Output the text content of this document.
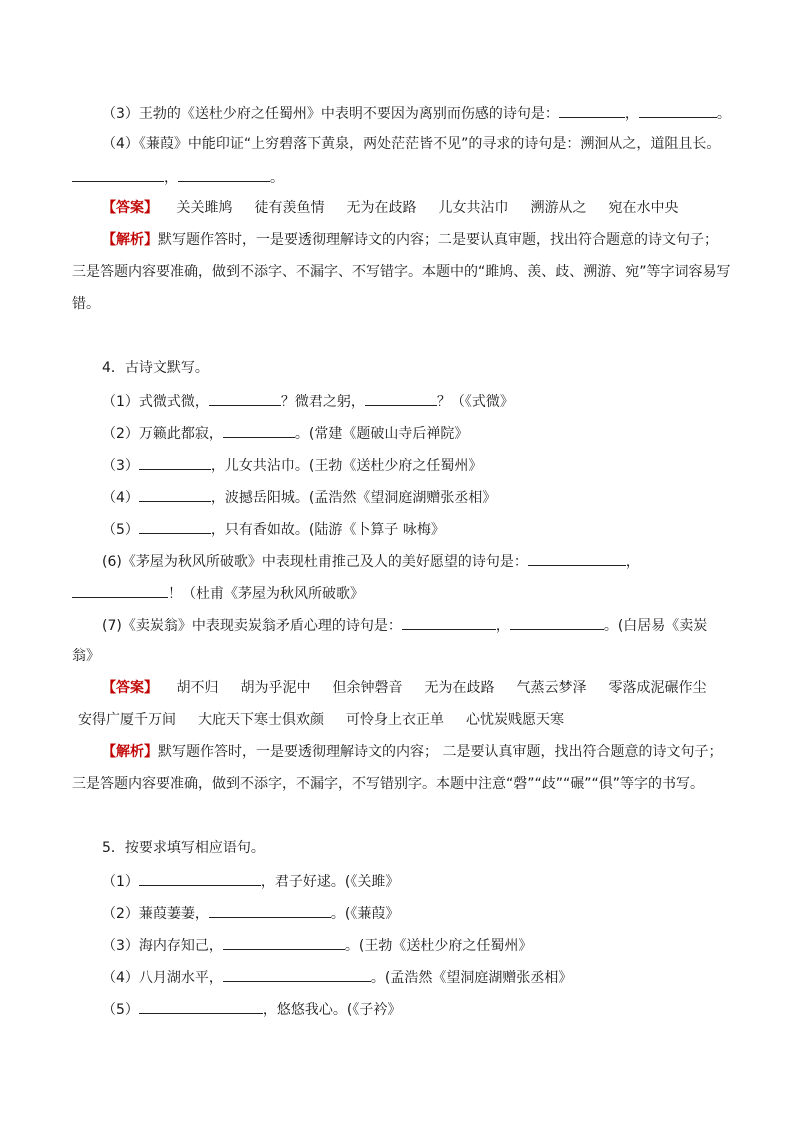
（3）王勃的《送杜少府之任蜀州》中表明不要因为离别而伤感的诗句是：	，	。
（4）《蒹葭》中能印证“上穷碧落下黄泉，两处茫茫皆不见”的寻求的诗句是：溯洄从之，道阻且长。
，	。
【答案】 关关雎鸠 徒有羡鱼情 无为在歧路 儿女共沾巾 溯游从之 宛在水中央
【解析】默写题作答时，一是要透彻理解诗文的内容；二是要认真审题，找出符合题意的诗文句子；
三是答题内容要准确，做到不添字、不漏字、不写错字。本题中的“雎鸠、羡、歧、溯游、宛”等字词容易写
错。
4．古诗文默写。
（1）式微式微，	？微君之躬，	？（《式微》
（2）万籁此都寂，	。(常建《题破山寺后禅院》
（3）	，儿女共沾巾。(王勃《送杜少府之任蜀州》
（4）	，波撼岳阳城。(孟浩然《望洞庭湖赠张丞相》
（5）	，只有香如故。(陆游《卜算子 咏梅》
(6)《茅屋为秋风所破歌》中表现杜甫推己及人的美好愿望的诗句是：	，
！（杜甫《茅屋为秋风所破歌》
(7)《卖炭翁》中表现卖炭翁矛盾心理的诗句是：	，	。(白居易《卖炭
翁》
【答案】 胡不归 胡为乎泥中 但余钟磬音 无为在歧路 气蒸云梦泽 零落成泥碾作尘
安得广厦千万间 大庇天下寒士俱欢颜 可怜身上衣正单 心忧炭贱愿天寒
【解析】默写题作答时，一是要透彻理解诗文的内容； 二是要认真审题，找出符合题意的诗文句子；
三是答题内容要准确，做到不添字，不漏字，不写错别字。本题中注意“磬”“歧”“碾”“俱”等字的书写。
5．按要求填写相应语句。
（1）	，君子好逑。(《关雎》
（2）蒹葭萋萋，	。(《蒹葭》
（3）海内存知己，	。(王勃《送杜少府之任蜀州》
（4）八月湖水平，	。(孟浩然《望洞庭湖赠张丞相》
（5）	，悠悠我心。(《子衿》
